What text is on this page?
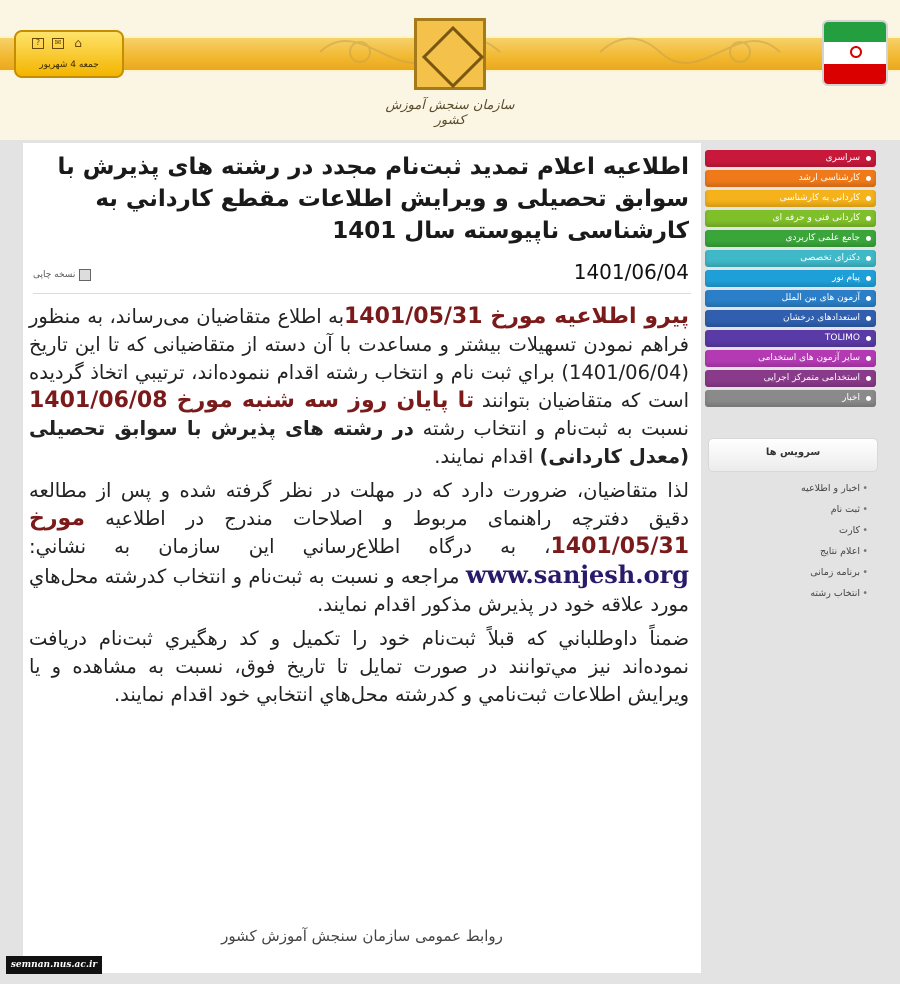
سازمان سنجش آموزش کشور
?	✉ ⌂
جمعه 4 شهریور
اطلاعيه اعلام تمديد ثبت‌نام مجدد در رشته های پذيرش با سوابق تحصيلی و ويرايش اطلاعات مقطع كارداني به كارشناسی ناپيوسته سال 1401
1401/06/04
نسخه چاپی

پيرو اطلاعيه مورخ 1401/05/31به اطلاع متقاضيان می‌رساند، به منظور فراهم نمودن تسهيلات بيشتر و مساعدت با آن دسته از متقاضيانی كه تا اين تاريخ (1401/06/04) براي ثبت نام و انتخاب رشته اقدام ننموده‌اند، ترتيبي اتخاذ گرديده است كه متقاضيان بتوانند تا پايان روز سه شنبه مورخ 1401/06/08 نسبت به ثبت‌نام و انتخاب رشته در رشته های پذيرش با سوابق تحصيلی (معدل كاردانی) اقدام نمايند.

لذا متقاضيان، ضرورت دارد كه در مهلت در نظر گرفته شده و پس از مطالعه دقيق دفترچه راهنمای مربوط و اصلاحات مندرج در اطلاعيه مورخ 1401/05/31، به درگاه اطلاع‌رساني اين سازمان به نشاني: www.sanjesh.org مراجعه و نسبت به ثبت‌نام و انتخاب كدرشته محل‌هاي مورد علاقه خود در پذيرش مذكور اقدام نمايند.

ضمناً داوطلباني كه قبلاً ثبت‌نام خود را تكميل و كد رهگيري ثبت‌نام دريافت نموده‌اند نيز مي‌توانند در صورت تمايل تا تاريخ فوق، نسبت به مشاهده و يا ويرايش اطلاعات ثبت‌نامي و كدرشته محل‌هاي انتخابي خود اقدام نمايند.

روابط عمومی سازمان سنجش آموزش كشور
سراسری
کارشناسی ارشد
کاردانی به کارشناسی
کاردانی فنی و حرفه ای
جامع علمی کاربردی
دکترای تخصصی
پیام نور
آزمون های بین الملل
استعدادهای درخشان
TOLIMO
سایر آزمون های استخدامی
استخدامی متمرکز اجرایی
اخبار
سرویس ها
• اخبار و اطلاعیه
• ثبت نام
• کارت
• اعلام نتایج
• برنامه زمانی
• انتخاب رشته
semnan.nus.ac.ir
